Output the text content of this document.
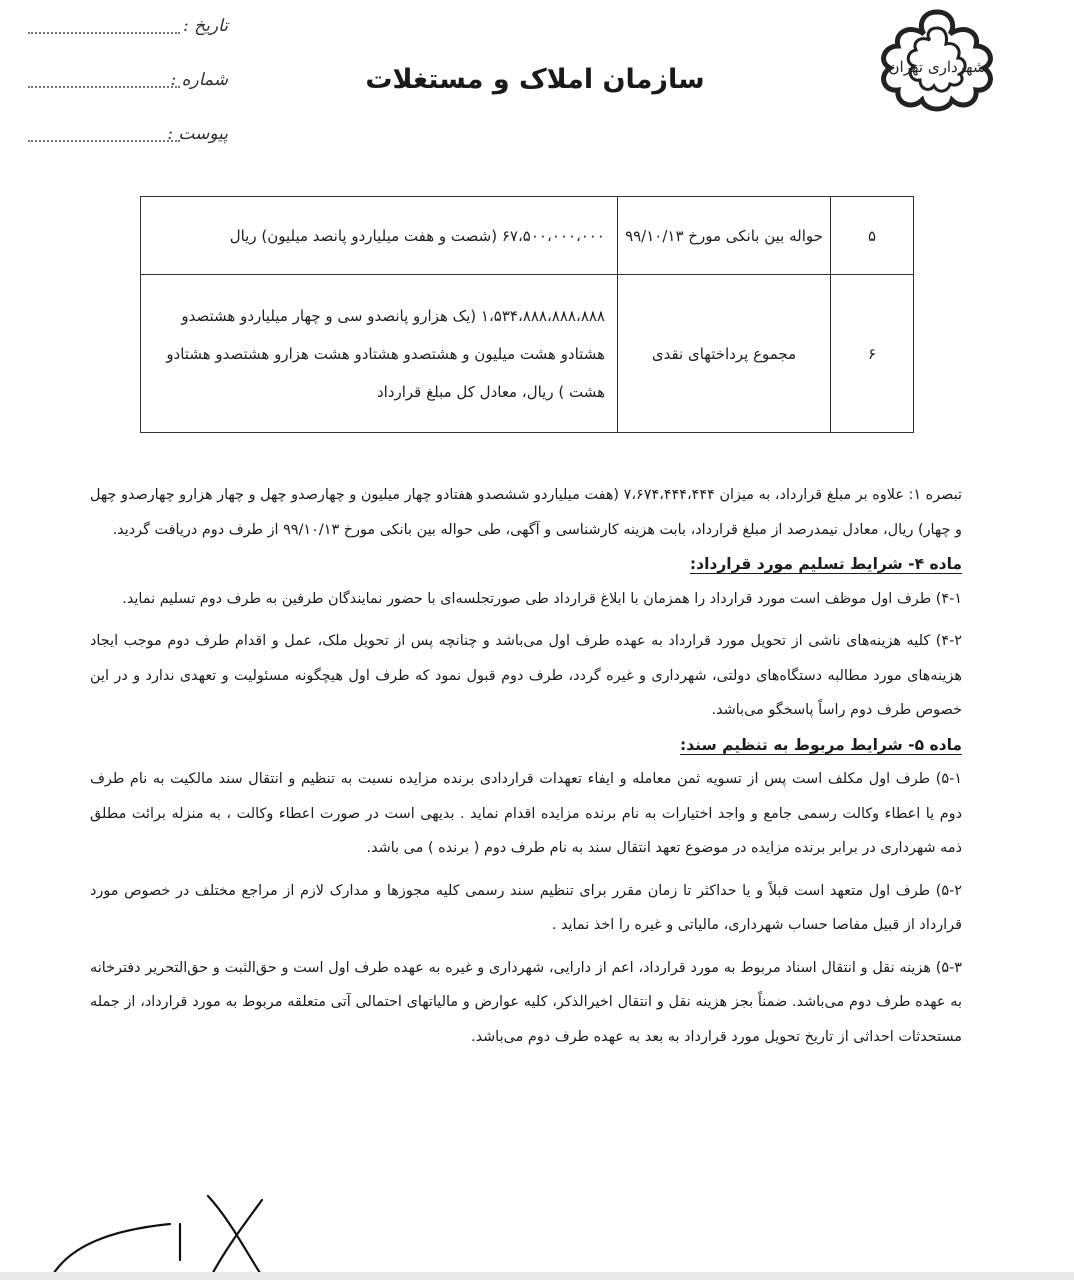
شهرداری تهران
سازمان املاک و مستغلات
تاریخ :
شماره :
پیوست :
۵	حواله بین بانکی مورخ ۹۹/۱۰/۱۳	۶۷،۵۰۰،۰۰۰،۰۰۰ (شصت و هفت میلیاردو پانصد میلیون) ریال
۶	مجموع پرداختهای نقدی	۱،۵۳۴،۸۸۸،۸۸۸،۸۸۸ (یک هزارو پانصدو سی و چهار میلیاردو هشتصدو هشتادو هشت میلیون و هشتصدو هشتادو هشت هزارو هشتصدو هشتادو هشت ) ریال، معادل کل مبلغ قرارداد

تبصره ۱: علاوه بر مبلغ قرارداد، به میزان ۷،۶۷۴،۴۴۴،۴۴۴ (هفت میلیاردو ششصدو هفتادو چهار میلیون و چهارصدو چهل و چهار هزارو چهارصدو چهل و چهار) ریال، معادل نیمدرصد از مبلغ قرارداد، بابت هزینه کارشناسی و آگهی، طی حواله بین بانکی مورخ ۹۹/۱۰/۱۳ از طرف دوم دریافت گردید.

ماده ۴- شرایط تسلیم مورد قرارداد:

۴-۱) طرف اول موظف است مورد قرارداد را همزمان با ابلاغ قرارداد طی صورتجلسه‌ای با حضور نمایندگان طرفین به طرف دوم تسلیم نماید.

۴-۲) کلیه هزینه‌های ناشی از تحویل مورد قرارداد به عهده طرف اول می‌باشد و چنانچه پس از تحویل ملک، عمل و اقدام طرف دوم موجب ایجاد هزینه‌های مورد مطالبه دستگاه‌های دولتی، شهرداری و غیره گردد، طرف دوم قبول نمود که طرف اول هیچگونه مسئولیت و تعهدی ندارد و در این خصوص طرف دوم راساً پاسخگو می‌باشد.

ماده ۵- شرایط مربوط به تنظیم سند:

۵-۱) طرف اول مکلف است پس از تسویه ثمن معامله و ایفاء تعهدات قراردادی برنده مزایده نسبت به تنظیم و انتقال سند مالکیت به نام طرف دوم یا اعطاء وکالت رسمی جامع و واجد اختیارات به نام برنده مزایده اقدام نماید . بدیهی است در صورت اعطاء وکالت ، به منزله برائت مطلق ذمه شهرداری در برابر برنده مزایده در موضوع تعهد انتقال سند به نام طرف دوم ( برنده ) می باشد.

۵-۲) طرف اول متعهد است قبلاً و یا حداکثر تا زمان مقرر برای تنظیم سند رسمی کلیه مجوزها و مدارک لازم از مراجع مختلف در خصوص مورد قرارداد از قبیل مفاصا حساب شهرداری، مالیاتی و غیره را اخذ نماید .

۵-۳) هزینه نقل و انتقال اسناد مربوط به مورد قرارداد، اعم از دارایی، شهرداری و غیره به عهده طرف اول است و حق‌الثبت و حق‌التحریر دفترخانه به عهده طرف دوم می‌باشد. ضمناً بجز هزینه نقل و انتقال اخیرالذکر، کلیه عوارض و مالیاتهای احتمالی آتی متعلقه مربوط به مورد قرارداد، از جمله مستحدثات احداثی از تاریخ تحویل مورد قرارداد به بعد به عهده طرف دوم می‌باشد.
